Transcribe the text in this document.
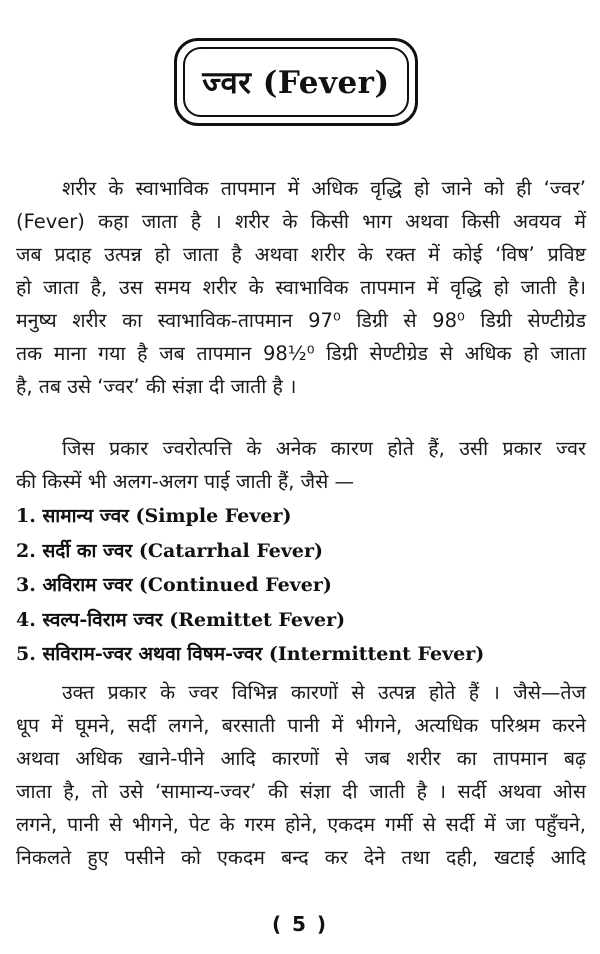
ज्वर (Fever)
शरीर के स्वाभाविक तापमान में अधिक वृद्धि हो जाने को ही ‘ज्वर’
(Fever) कहा जाता है । शरीर के किसी भाग अथवा किसी अवयव में
जब प्रदाह उत्पन्न हो जाता है अथवा शरीर के रक्त में कोई ‘विष’ प्रविष्ट
हो जाता है, उस समय शरीर के स्वाभाविक तापमान में वृद्धि हो जाती है।
मनुष्य शरीर का स्वाभाविक-तापमान 97⁰ डिग्री से 98⁰ डिग्री सेण्टीग्रेड
तक माना गया है जब तापमान 98½⁰ डिग्री सेण्टीग्रेड से अधिक हो जाता
है, तब उसे ‘ज्वर’ की संज्ञा दी जाती है ।
जिस प्रकार ज्वरोत्पत्ति के अनेक कारण होते हैं, उसी प्रकार ज्वर
की किस्में भी अलग-अलग पाई जाती हैं, जैसे —
1. सामान्य ज्वर (Simple Fever)
2. सर्दी का ज्वर (Catarrhal Fever)
3. अविराम ज्वर (Continued Fever)
4. स्वल्प-विराम ज्वर (Remittet Fever)
5. सविराम-ज्वर अथवा विषम-ज्वर (Intermittent Fever)
उक्त प्रकार के ज्वर विभिन्न कारणों से उत्पन्न होते हैं । जैसे—तेज
धूप में घूमने, सर्दी लगने, बरसाती पानी में भीगने, अत्यधिक परिश्रम करने
अथवा अधिक खाने-पीने आदि कारणों से जब शरीर का तापमान बढ़
जाता है, तो उसे ‘सामान्य-ज्वर’ की संज्ञा दी जाती है । सर्दी अथवा ओस
लगने, पानी से भीगने, पेट के गरम होने, एकदम गर्मी से सर्दी में जा पहुँचने,
निकलते हुए पसीने को एकदम बन्द कर देने तथा दही, खटाई आदि
( 5 )
